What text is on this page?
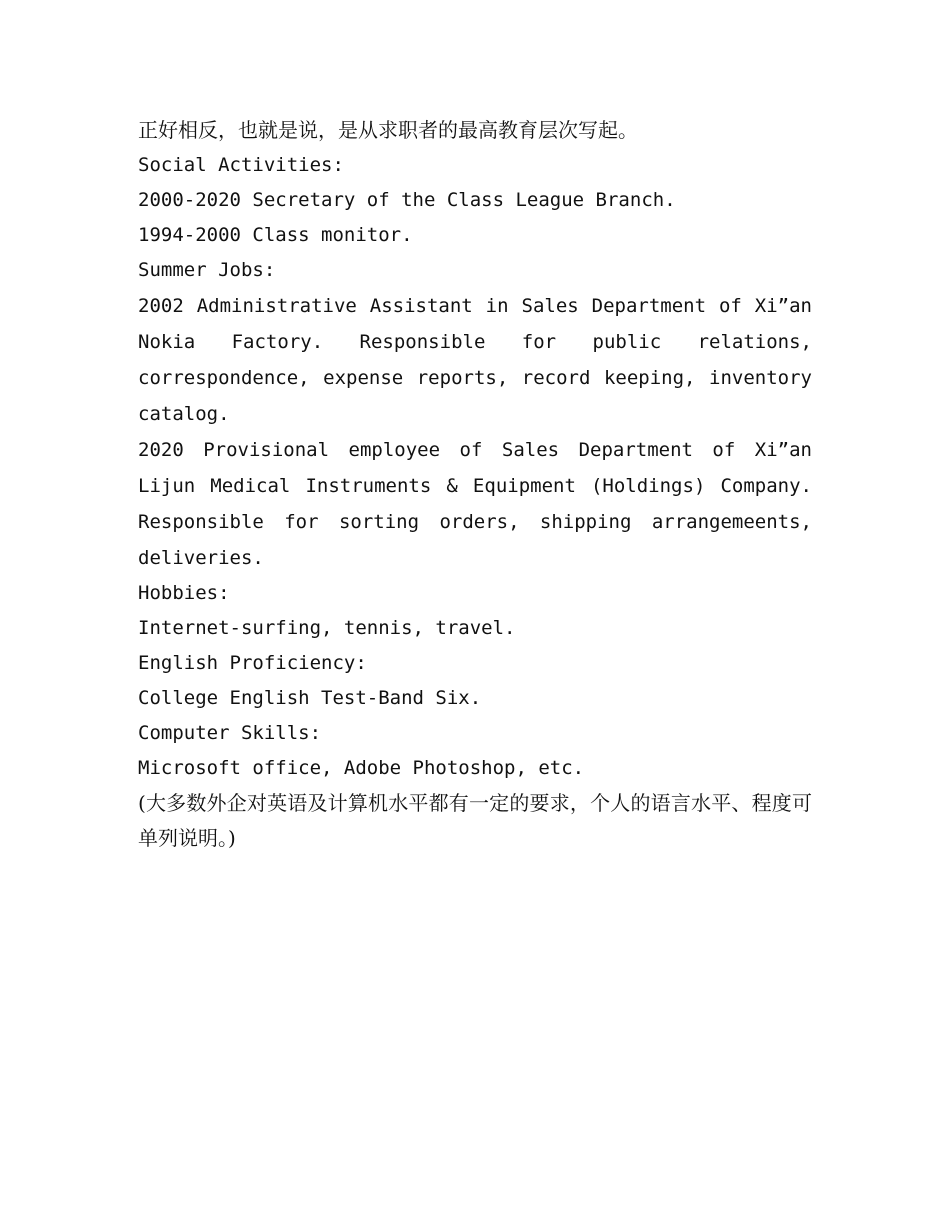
正好相反，也就是说，是从求职者的最高教育层次写起。
Social Activities:
2000-2020 Secretary of the Class League Branch.
1994-2000 Class monitor.
Summer Jobs:
2002 Administrative Assistant in Sales Department of Xi”an Nokia Factory. Responsible for public relations, correspondence, expense reports, record keeping, inventory catalog.
2020 Provisional employee of Sales Department of Xi”an Lijun Medical Instruments & Equipment (Holdings) Company. Responsible for sorting orders, shipping arrangemeents, deliveries.
Hobbies:
Internet-surfing, tennis, travel.
English Proficiency:
College English Test-Band Six.
Computer Skills:
Microsoft office, Adobe Photoshop, etc.
(大多数外企对英语及计算机水平都有一定的要求，个人的语言水平、程度可单列说明。)
